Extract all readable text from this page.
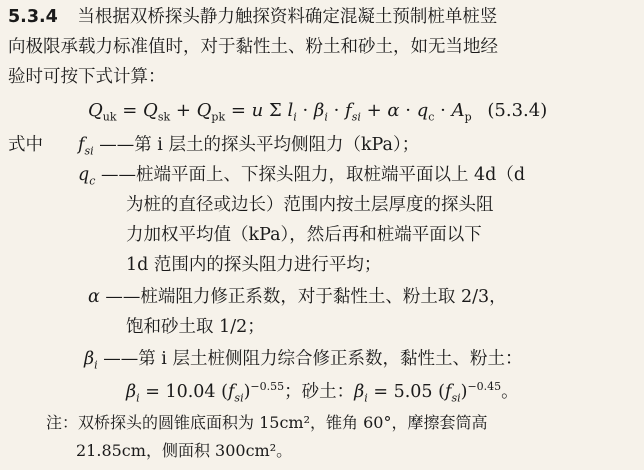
5.3.4 当根据双桥探头静力触探资料确定混凝土预制桩单桩竖
向极限承载力标准值时，对于黏性土、粉土和砂土，如无当地经
验时可按下式计算：
$Q_{uk} = Q_{sk} + Q_{pk} = u$ Σ $l_i \cdot \beta_i \cdot f_{si} + \alpha \cdot q_c \cdot A_p$ (5.3.4)
式中 $f_{si}$ ——第 i 层土的探头平均侧阻力（kPa）；
$q_c$ ——桩端平面上、下探头阻力，取桩端平面以上 4d（d
为桩的直径或边长）范围内按土层厚度的探头阻
力加权平均值（kPa），然后再和桩端平面以下
1d 范围内的探头阻力进行平均；
α ——桩端阻力修正系数，对于黏性土、粉土取 2/3，
饱和砂土取 1/2；
$\beta_i$ ——第 i 层土桩侧阻力综合修正系数，黏性土、粉土：
$\beta_i = 10.04$ $(f_{si})^{-0.55}$；砂土：$\beta_i = 5.05$ $(f_{si})^{-0.45}$。
注：双桥探头的圆锥底面积为 15cm²，锥角 60°，摩擦套筒高
21.85cm，侧面积 300cm²。
